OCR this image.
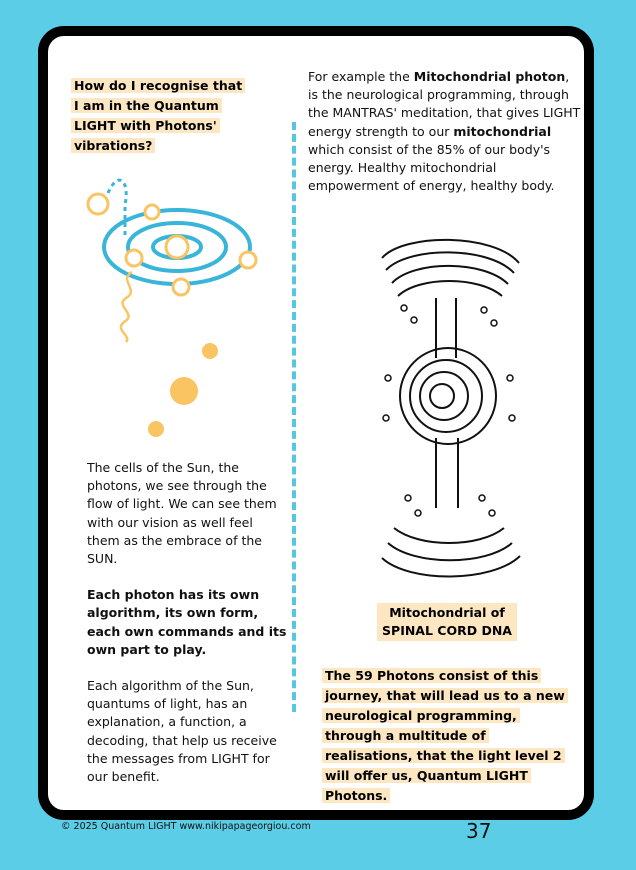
How do I recognise that I am in the Quantum LIGHT with Photons' vibrations?
For example the Mitochondrial photon, is the neurological programming, through the MANTRAS' meditation, that gives LIGHT energy strength to our mitochondrial which consist of the 85% of our body's energy. Healthy mitochondrial empowerment of energy, healthy body.

The cells of the Sun, the photons, we see through the flow of light. We can see them with our vision as well feel them as the embrace of the SUN.

Each photon has its own algorithm, its own form, each own commands and its own part to play.

Each algorithm of the Sun, quantums of light, has an explanation, a function, a decoding, that help us receive the messages from LIGHT for our benefit.

Mitochondrial of
SPINAL CORD DNA
The 59 Photons consist of this journey, that will lead us to a new neurological programming, through a multitude of realisations, that the light level 2 will offer us, Quantum LIGHT Photons.
© 2025 Quantum LIGHT www.nikipapageorgiou.com	37
